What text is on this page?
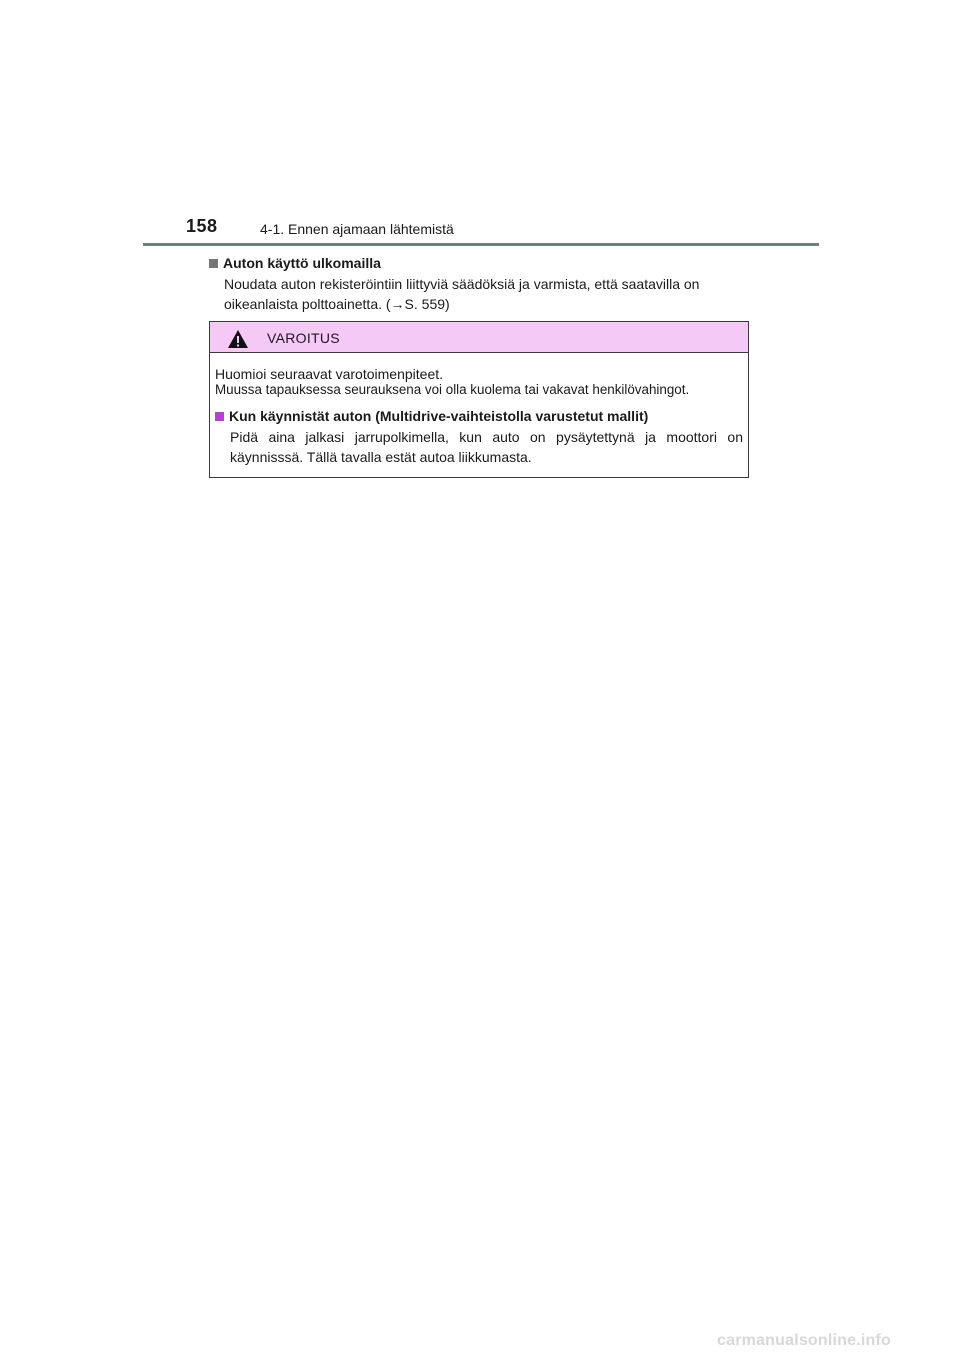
158	4-1. Ennen ajamaan lähtemistä
Auton käyttö ulkomailla
Noudata auton rekisteröintiin liittyviä säädöksiä ja varmista, että saatavilla on oikeanlaista polttoainetta. (→S. 559)
VAROITUS

Huomioi seuraavat varotoimenpiteet.

Muussa tapauksessa seurauksena voi olla kuolema tai vakavat henkilövahingot.

Kun käynnistät auton (Multidrive-vaihteistolla varustetut mallit)
Pidä aina jalkasi jarrupolkimella, kun auto on pysäytettynä ja moottori on käynnisssä. Tällä tavalla estät autoa liikkumasta.
carmanualsonline.info
